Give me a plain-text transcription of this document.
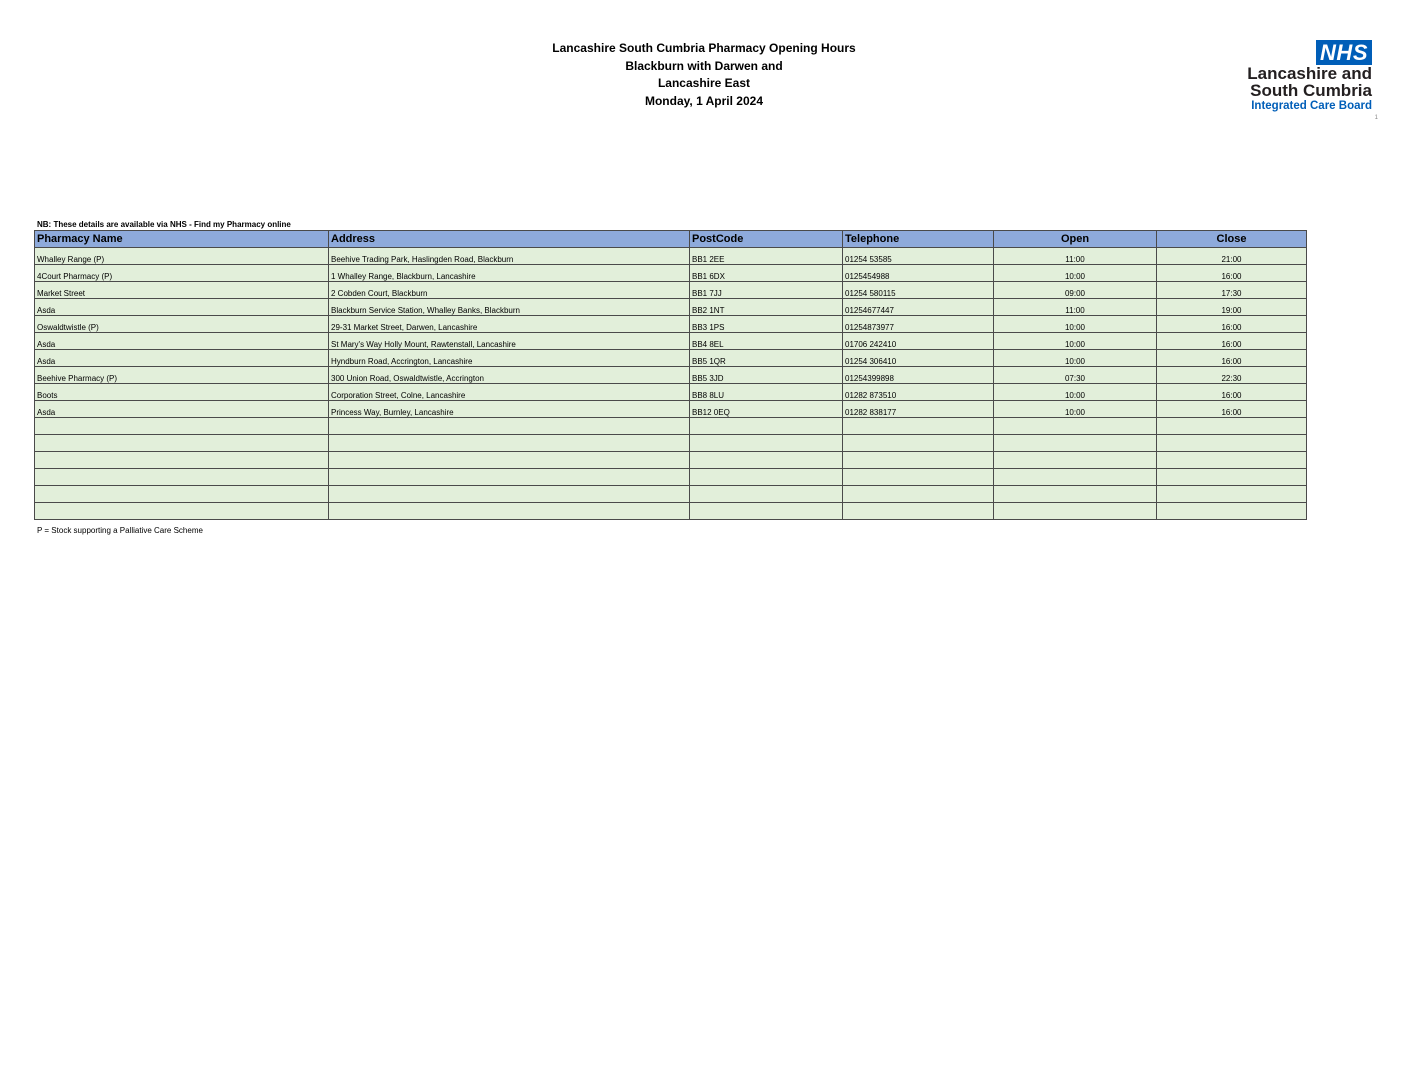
Lancashire South Cumbria Pharmacy Opening Hours
Blackburn with Darwen and
Lancashire East
Monday, 1 April 2024
NHS
Lancashire and
South Cumbria
Integrated Care Board
1
NB: These details are available via NHS - Find my Pharmacy online
Pharmacy Name	Address	PostCode	Telephone	Open	Close
Whalley Range (P)	Beehive Trading Park, Haslingden Road, Blackburn	BB1 2EE	01254 53585	11:00	21:00
4Court Pharmacy (P)	1 Whalley Range, Blackburn, Lancashire	BB1 6DX	0125454988	10:00	16:00
Market Street	2 Cobden Court, Blackburn	BB1 7JJ	01254 580115	09:00	17:30
Asda	Blackburn Service Station, Whalley Banks, Blackburn	BB2 1NT	01254677447	11:00	19:00
Oswaldtwistle (P)	29-31 Market Street, Darwen, Lancashire	BB3 1PS	01254873977	10:00	16:00
Asda	St Mary's Way Holly Mount, Rawtenstall, Lancashire	BB4 8EL	01706 242410	10:00	16:00
Asda	Hyndburn Road, Accrington, Lancashire	BB5 1QR	01254 306410	10:00	16:00
Beehive Pharmacy (P)	300 Union Road, Oswaldtwistle, Accrington	BB5 3JD	01254399898	07:30	22:30
Boots	Corporation Street, Colne, Lancashire	BB8 8LU	01282 873510	10:00	16:00
Asda	Princess Way, Burnley, Lancashire	BB12 0EQ	01282 838177	10:00	16:00

P = Stock supporting a Palliative Care Scheme
